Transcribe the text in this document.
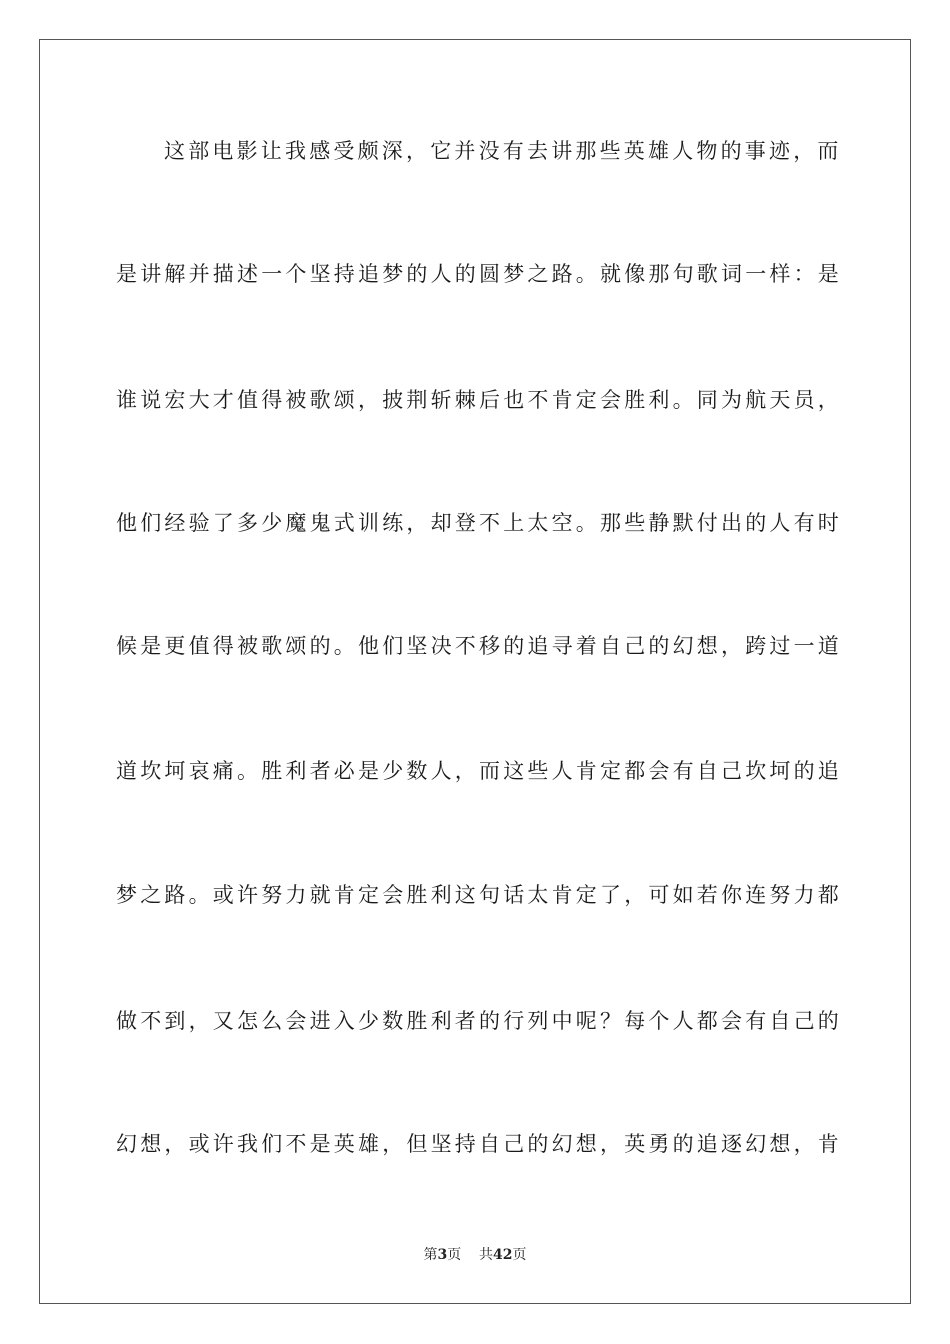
这部电影让我感受颇深，它并没有去讲那些英雄人物的事迹，而
是讲解并描述一个坚持追梦的人的圆梦之路。就像那句歌词一样：是
谁说宏大才值得被歌颂，披荆斩棘后也不肯定会胜利。同为航天员，
他们经验了多少魔鬼式训练，却登不上太空。那些静默付出的人有时
候是更值得被歌颂的。他们坚决不移的追寻着自己的幻想，跨过一道
道坎坷哀痛。胜利者必是少数人，而这些人肯定都会有自己坎坷的追
梦之路。或许努力就肯定会胜利这句话太肯定了，可如若你连努力都
做不到，又怎么会进入少数胜利者的行列中呢？每个人都会有自己的
幻想，或许我们不是英雄，但坚持自己的幻想，英勇的追逐幻想，肯
第3页 共42页
